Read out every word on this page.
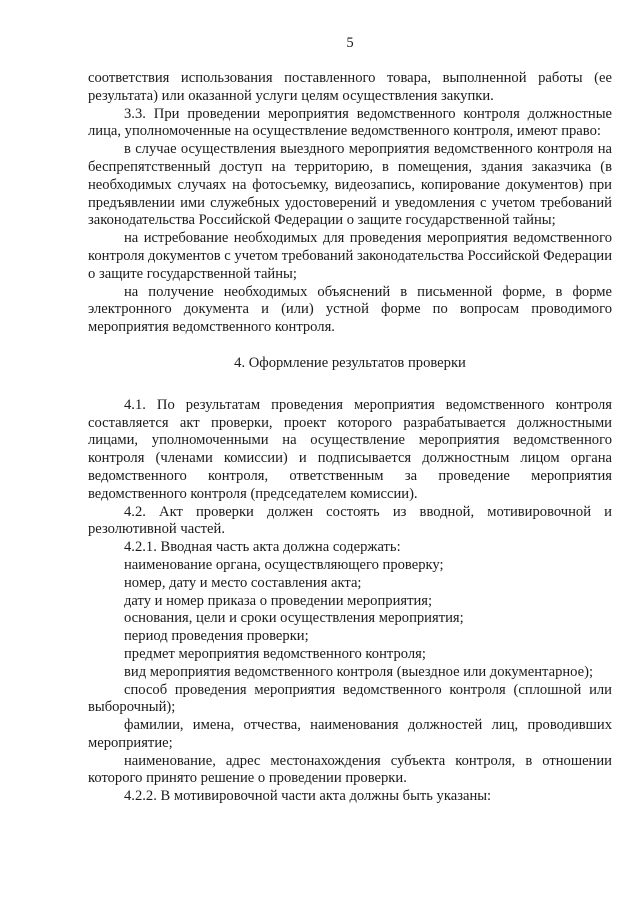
5

соответствия использования поставленного товара, выполненной работы (ее результата) или оказанной услуги целям осуществления закупки.

3.3. При проведении мероприятия ведомственного контроля должностные лица, уполномоченные на осуществление ведомственного контроля, имеют право:

в случае осуществления выездного мероприятия ведомственного контроля на беспрепятственный доступ на территорию, в помещения, здания заказчика (в необходимых случаях на фотосъемку, видеозапись, копирование документов) при предъявлении ими служебных удостоверений и уведомления с учетом требований законодательства Российской Федерации о защите государственной тайны;

на истребование необходимых для проведения мероприятия ведомственного контроля документов с учетом требований законодательства Российской Федерации о защите государственной тайны;

на получение необходимых объяснений в письменной форме, в форме электронного документа и (или) устной форме по вопросам проводимого мероприятия ведомственного контроля.

4. Оформление результатов проверки

4.1. По результатам проведения мероприятия ведомственного контроля составляется акт проверки, проект которого разрабатывается должностными лицами, уполномоченными на осуществление мероприятия ведомственного контроля (членами комиссии) и подписывается должностным лицом органа ведомственного контроля, ответственным за проведение мероприятия ведомственного контроля (председателем комиссии).

4.2. Акт проверки должен состоять из вводной, мотивировочной и резолютивной частей.

4.2.1. Вводная часть акта должна содержать:

наименование органа, осуществляющего проверку;

номер, дату и место составления акта;

дату и номер приказа о проведении мероприятия;

основания, цели и сроки осуществления мероприятия;

период проведения проверки;

предмет мероприятия ведомственного контроля;

вид мероприятия ведомственного контроля (выездное или документарное);

способ проведения мероприятия ведомственного контроля (сплошной или выборочный);

фамилии, имена, отчества, наименования должностей лиц, проводивших мероприятие;

наименование, адрес местонахождения субъекта контроля, в отношении которого принято решение о проведении проверки.

4.2.2. В мотивировочной части акта должны быть указаны:
